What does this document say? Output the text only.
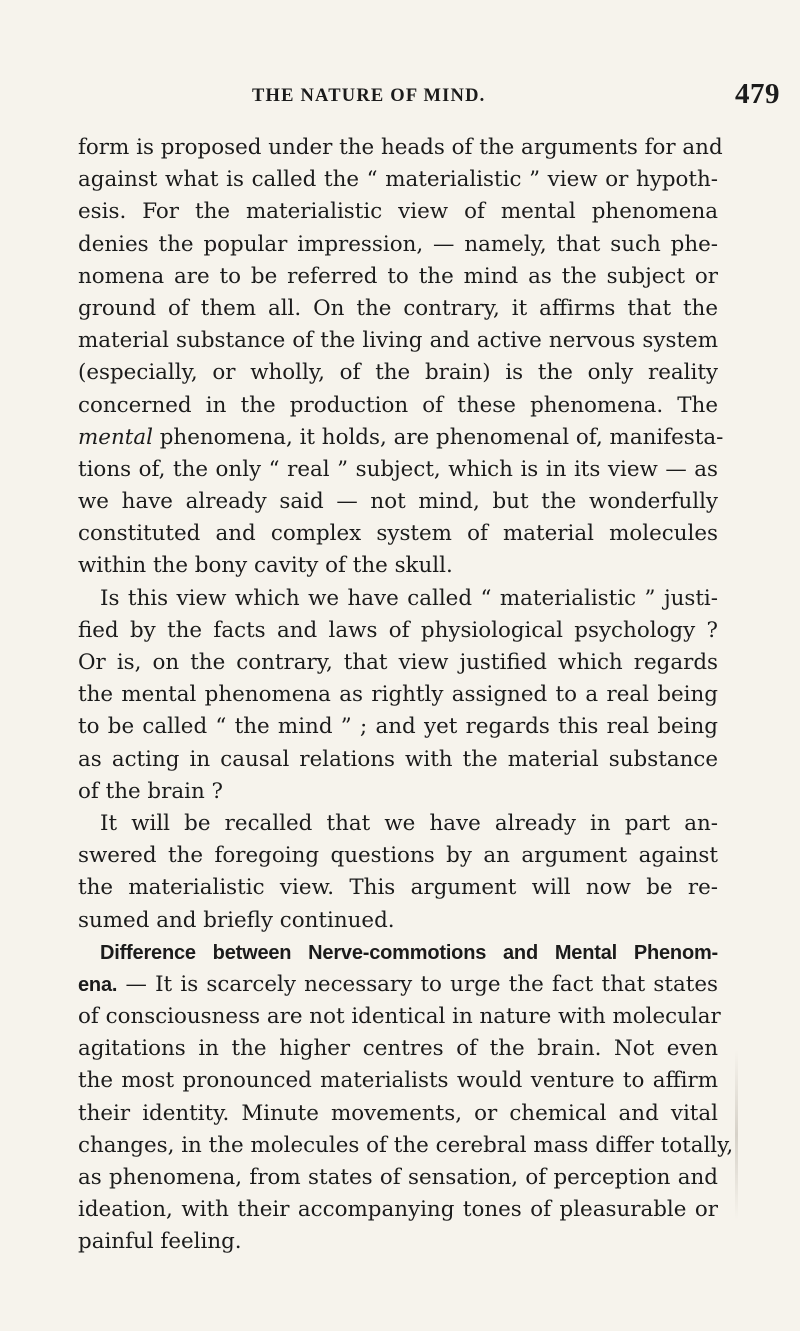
THE NATURE OF MIND.	479
form is proposed under the heads of the arguments for and
against what is called the “ materialistic ” view or hypoth-
esis. For the materialistic view of mental phenomena
denies the popular impression, — namely, that such phe-
nomena are to be referred to the mind as the subject or
ground of them all. On the contrary, it affirms that the
material substance of the living and active nervous system
(especially, or wholly, of the brain) is the only reality
concerned in the production of these phenomena. The
mental phenomena, it holds, are phenomenal of, manifesta-
tions of, the only “ real ” subject, which is in its view — as
we have already said — not mind, but the wonderfully
constituted and complex system of material molecules
within the bony cavity of the skull.
Is this view which we have called “ materialistic ” justi-
fied by the facts and laws of physiological psychology ?
Or is, on the contrary, that view justified which regards
the mental phenomena as rightly assigned to a real being
to be called “ the mind ” ; and yet regards this real being
as acting in causal relations with the material substance
of the brain ?
It will be recalled that we have already in part an-
swered the foregoing questions by an argument against
the materialistic view. This argument will now be re-
sumed and briefly continued.
Difference between Nerve-commotions and Mental Phenom-
ena. — It is scarcely necessary to urge the fact that states
of consciousness are not identical in nature with molecular
agitations in the higher centres of the brain. Not even
the most pronounced materialists would venture to affirm
their identity. Minute movements, or chemical and vital
changes, in the molecules of the cerebral mass differ totally,
as phenomena, from states of sensation, of perception and
ideation, with their accompanying tones of pleasurable or
painful feeling.
